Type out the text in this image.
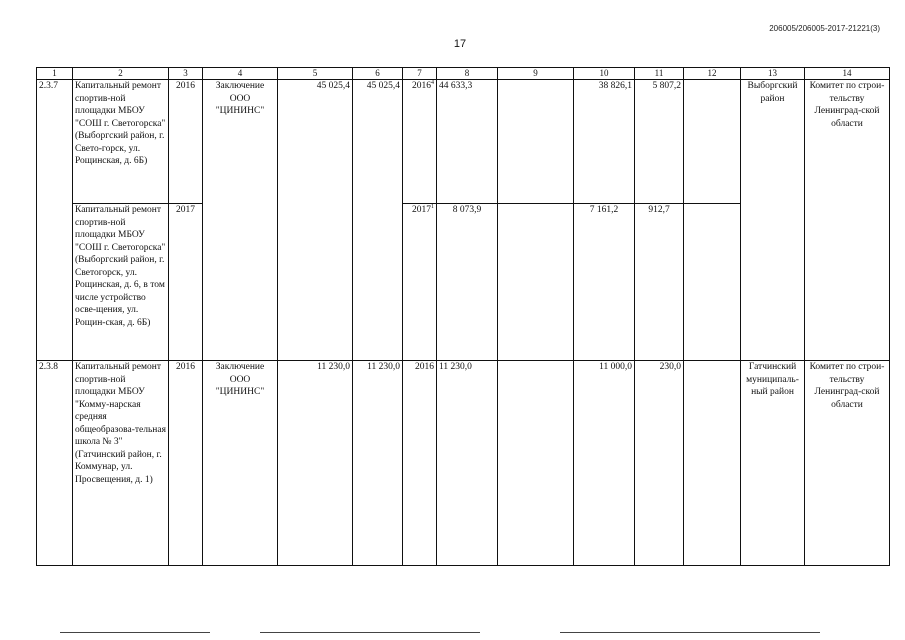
206005/206005-2017-21221(3)
17
1	2	3	4	5	6	7	8	9	10	11	12	13	14
2.3.7	Капитальный ремонт спортив-ной площадки МБОУ "СОШ г. Светогорска" (Выборгский район, г. Свето-горск, ул. Рощинская, д. 6Б)	2016	Заключение ООО "ЦИНИНС"	45 025,4	45 025,4	2016$^4$	44 633,3		38 826,1	5 807,2		Выборгский район	Комитет по строи-тельству Ленинград-ской области
	Капитальный ремонт спортив-ной площадки МБОУ "СОШ г. Светогорска" (Выборгский район, г. Светогорск, ул. Рощинская, д. 6, в том числе устройство осве-щения, ул. Рощин-ская, д. 6Б)	2017				2017$^1$	8 073,9		7 161,2	912,7			
2.3.8	Капитальный ремонт спортив-ной площадки МБОУ "Комму-нарская средняя общеобразова-тельная школа № 3" (Гатчинский район, г. Коммунар, ул. Просвещения, д. 1)	2016	Заключение ООО "ЦИНИНС"	11 230,0	11 230,0	2016	11 230,0		11 000,0	230,0		Гатчинский муниципаль-ный район	Комитет по строи-тельству Ленинград-ской области
